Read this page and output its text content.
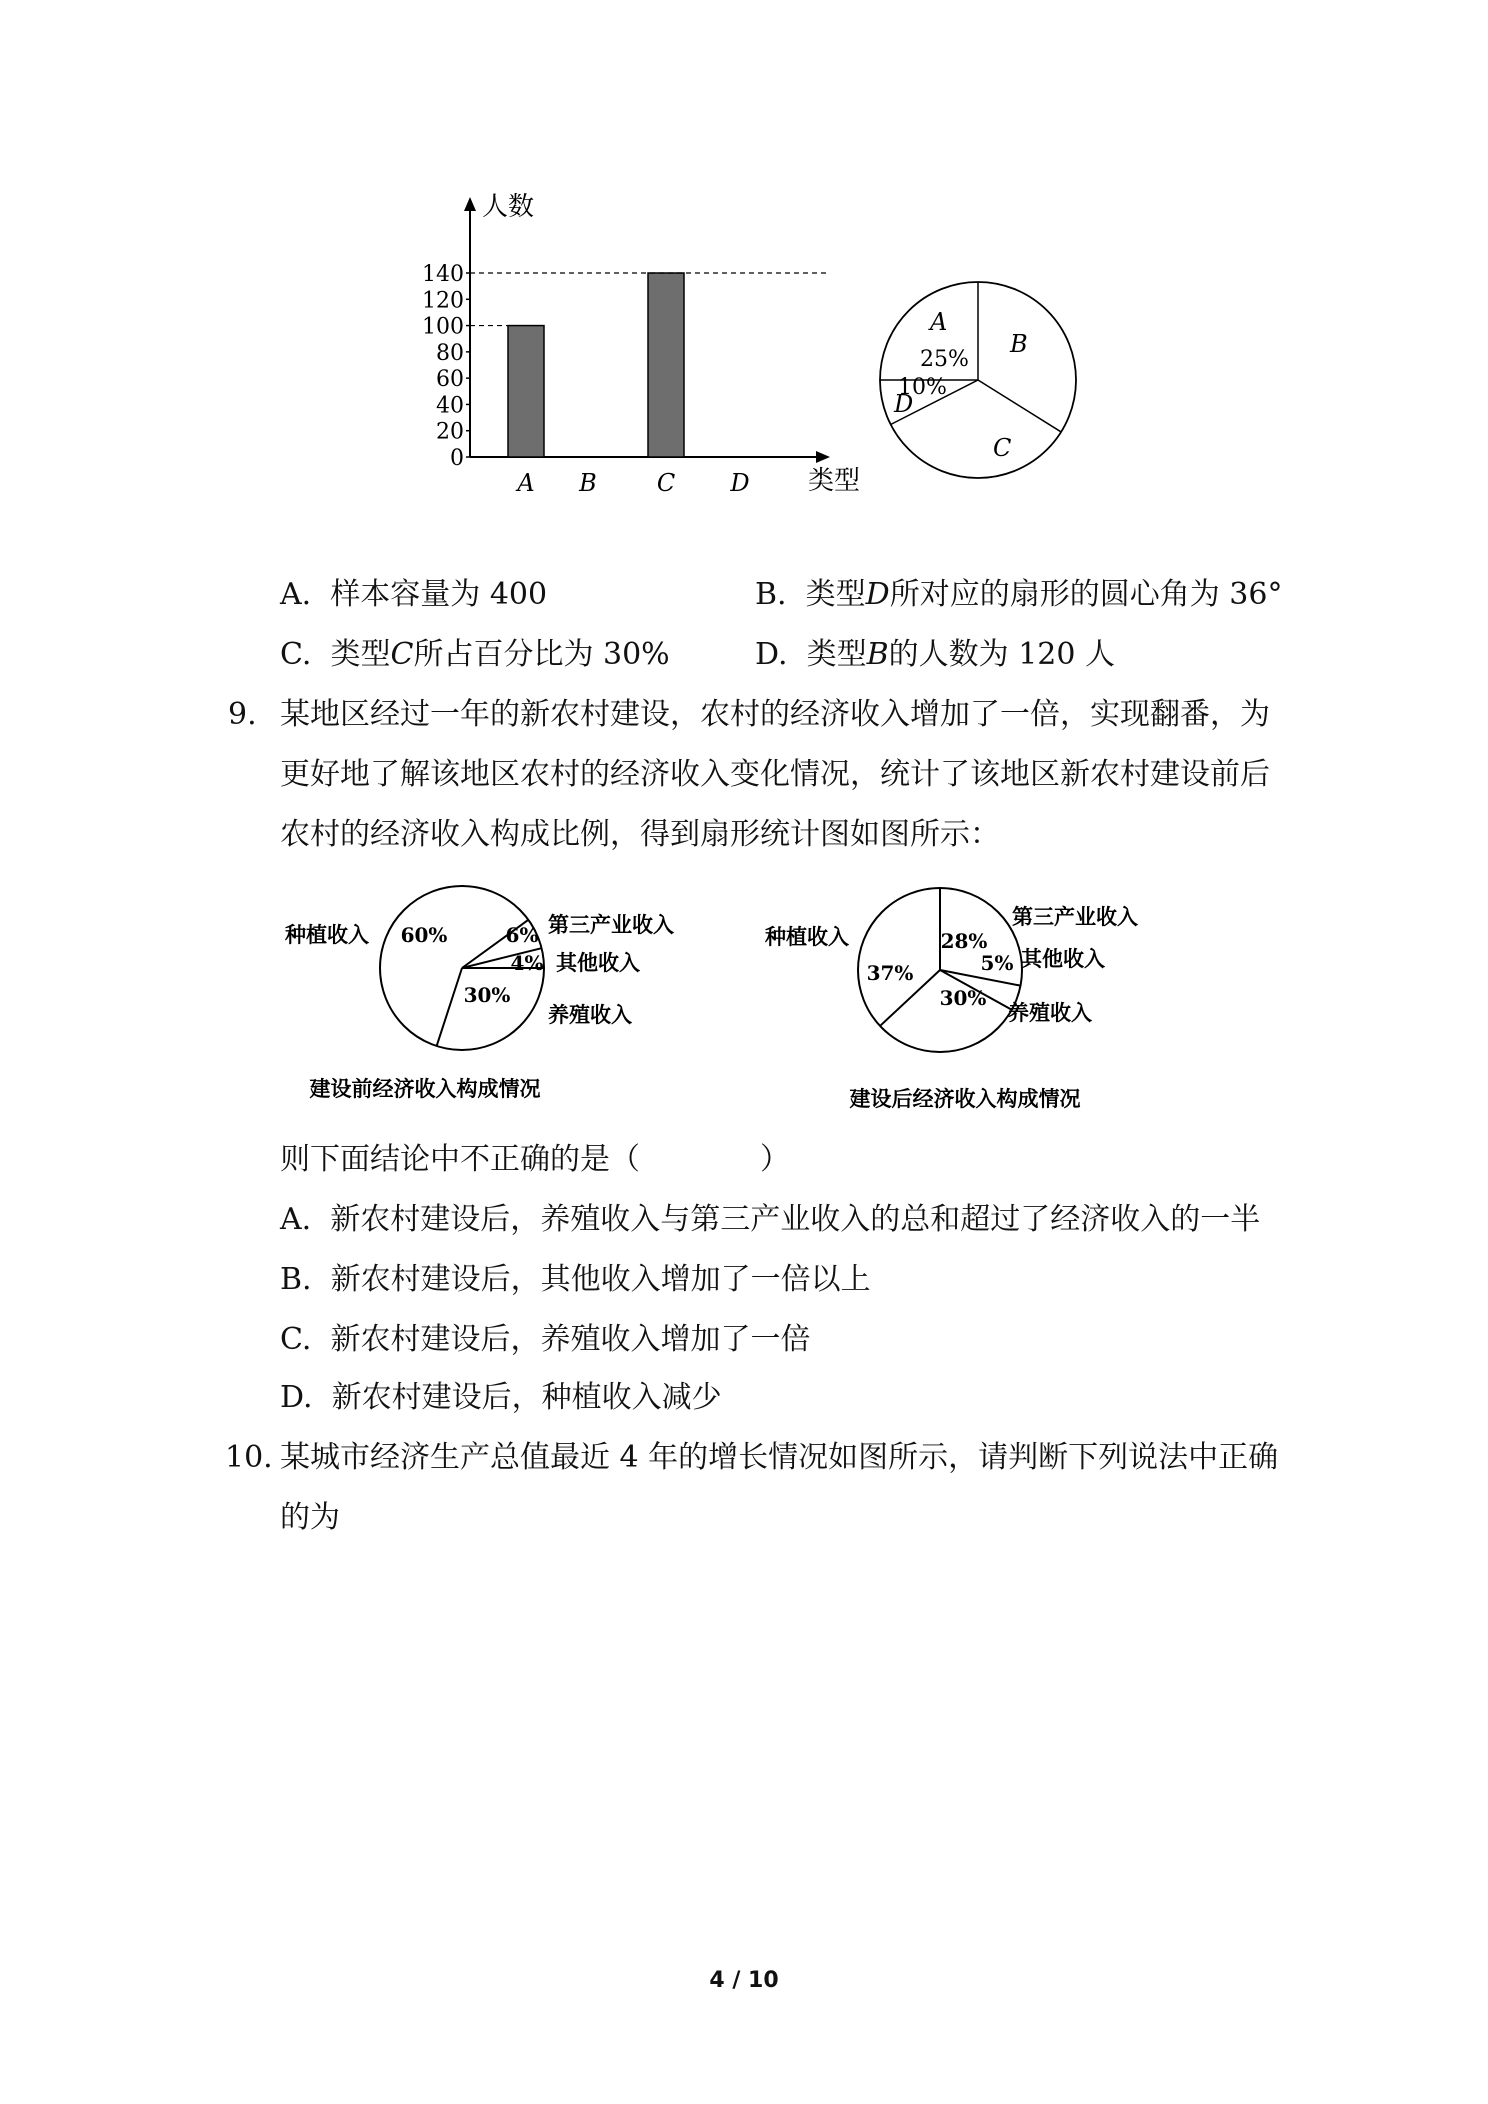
人数
类型
0
20
40
60
80
100
120
140
A B C D
A
B
C
D
25%
10%
A. 样本容量为 400	B. 类型D所对应的扇形的圆心角为 36°
C. 类型C所占百分比为 30%	D. 类型B的人数为 120 人
9. 某地区经过一年的新农村建设，农村的经济收入增加了一倍，实现翻番，为
更好地了解该地区农村的经济收入变化情况，统计了该地区新农村建设前后
农村的经济收入构成比例，得到扇形统计图如图所示：
种植收入	第三产业收入
其他收入
养殖收入
60%	6%
4%
30%
建设前经济收入构成情况
种植收入
第三产业收入
其他收入
养殖收入
37%
28%
5%
30%
建设后经济收入构成情况
则下面结论中不正确的是（　　　　）
A. 新农村建设后，养殖收入与第三产业收入的总和超过了经济收入的一半
B. 新农村建设后，其他收入增加了一倍以上
C. 新农村建设后，养殖收入增加了一倍
D. 新农村建设后，种植收入减少
10. 某城市经济生产总值最近 4 年的增长情况如图所示，请判断下列说法中正确
的为
4 / 10
